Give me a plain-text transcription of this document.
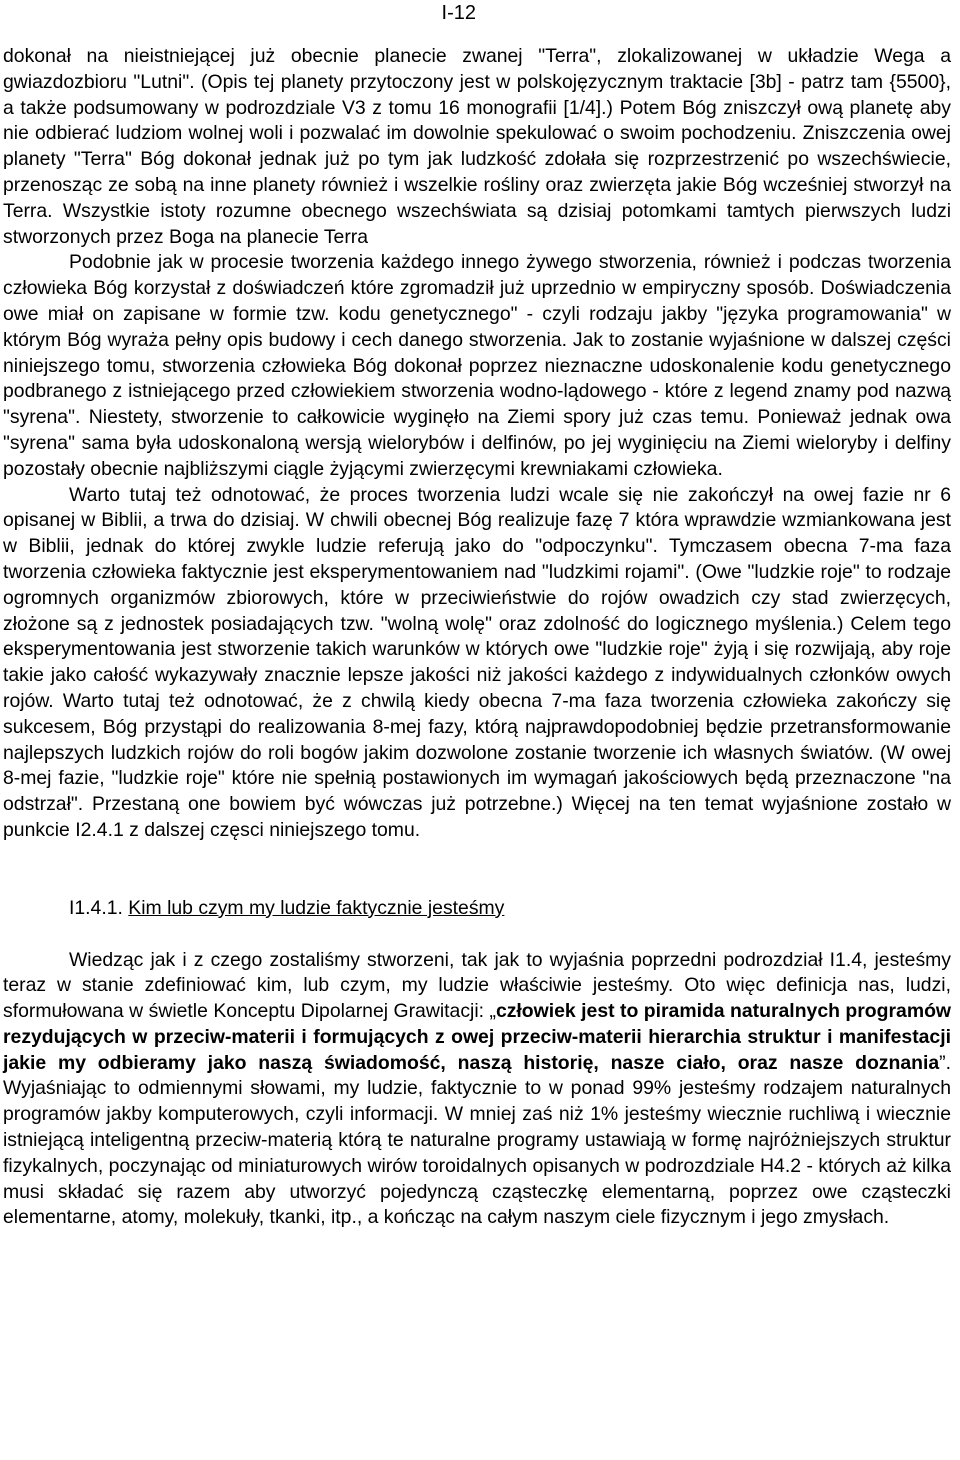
I-12

dokonał na nieistniejącej już obecnie planecie zwanej "Terra", zlokalizowanej w układzie Wega a gwiazdozbioru "Lutni". (Opis tej planety przytoczony jest w polskojęzycznym traktacie [3b] - patrz tam {5500}, a także podsumowany w podrozdziale V3 z tomu 16 monografii [1/4].) Potem Bóg zniszczył ową planetę aby nie odbierać ludziom wolnej woli i pozwalać im dowolnie spekulować o swoim pochodzeniu. Zniszczenia owej planety "Terra" Bóg dokonał jednak już po tym jak ludzkość zdołała się rozprzestrzenić po wszechświecie, przenosząc ze sobą na inne planety również i wszelkie rośliny oraz zwierzęta jakie Bóg wcześniej stworzył na Terra. Wszystkie istoty rozumne obecnego wszechświata są dzisiaj potomkami tamtych pierwszych ludzi stworzonych przez Boga na planecie Terra

Podobnie jak w procesie tworzenia każdego innego żywego stworzenia, również i podczas tworzenia człowieka Bóg korzystał z doświadczeń które zgromadził już uprzednio w empiryczny sposób. Doświadczenia owe miał on zapisane w formie tzw. kodu genetycznego" - czyli rodzaju jakby "języka programowania" w którym Bóg wyraża pełny opis budowy i cech danego stworzenia. Jak to zostanie wyjaśnione w dalszej części niniejszego tomu, stworzenia człowieka Bóg dokonał poprzez nieznaczne udoskonalenie kodu genetycznego podbranego z istniejącego przed człowiekiem stworzenia wodno-lądowego - które z legend znamy pod nazwą "syrena". Niestety, stworzenie to całkowicie wyginęło na Ziemi spory już czas temu. Ponieważ jednak owa "syrena" sama była udoskonaloną wersją wielorybów i delfinów, po jej wyginięciu na Ziemi wieloryby i delfiny pozostały obecnie najbliższymi ciągle żyjącymi zwierzęcymi krewniakami człowieka.

Warto tutaj też odnotować, że proces tworzenia ludzi wcale się nie zakończył na owej fazie nr 6 opisanej w Biblii, a trwa do dzisiaj. W chwili obecnej Bóg realizuje fazę 7 która wprawdzie wzmiankowana jest w Biblii, jednak do której zwykle ludzie referują jako do "odpoczynku". Tymczasem obecna 7-ma faza tworzenia człowieka faktycznie jest eksperymentowaniem nad "ludzkimi rojami". (Owe "ludzkie roje" to rodzaje ogromnych organizmów zbiorowych, które w przeciwieństwie do rojów owadzich czy stad zwierzęcych, złożone są z jednostek posiadających tzw. "wolną wolę" oraz zdolność do logicznego myślenia.) Celem tego eksperymentowania jest stworzenie takich warunków w których owe "ludzkie roje" żyją i się rozwijają, aby roje takie jako całość wykazywały znacznie lepsze jakości niż jakości każdego z indywidualnych członków owych rojów. Warto tutaj też odnotować, że z chwilą kiedy obecna 7-ma faza tworzenia człowieka zakończy się sukcesem, Bóg przystąpi do realizowania 8-mej fazy, którą najprawdopodobniej będzie przetransformowanie najlepszych ludzkich rojów do roli bogów jakim dozwolone zostanie tworzenie ich własnych światów. (W owej 8-mej fazie, "ludzkie roje" które nie spełnią postawionych im wymagań jakościowych będą przeznaczone "na odstrzał". Przestaną one bowiem być wówczas już potrzebne.) Więcej na ten temat wyjaśnione zostało w punkcie I2.4.1 z dalszej częsci niniejszego tomu.

I1.4.1. Kim lub czym my ludzie faktycznie jesteśmy

Wiedząc jak i z czego zostaliśmy stworzeni, tak jak to wyjaśnia poprzedni podrozdział I1.4, jesteśmy teraz w stanie zdefiniować kim, lub czym, my ludzie właściwie jesteśmy. Oto więc definicja nas, ludzi, sformułowana w świetle Konceptu Dipolarnej Grawitacji: „człowiek jest to piramida naturalnych programów rezydujących w przeciw-materii i formujących z owej przeciw-materii hierarchia struktur i manifestacji jakie my odbieramy jako naszą świadomość, naszą historię, nasze ciało, oraz nasze doznania”. Wyjaśniając to odmiennymi słowami, my ludzie, faktycznie to w ponad 99% jesteśmy rodzajem naturalnych programów jakby komputerowych, czyli informacji. W mniej zaś niż 1% jesteśmy wiecznie ruchliwą i wiecznie istniejącą inteligentną przeciw-materią którą te naturalne programy ustawiają w formę najróżniejszych struktur fizykalnych, poczynając od miniaturowych wirów toroidalnych opisanych w podrozdziale H4.2 - których aż kilka musi składać się razem aby utworzyć pojedynczą cząsteczkę elementarną, poprzez owe cząsteczki elementarne, atomy, molekuły, tkanki, itp., a kończąc na całym naszym ciele fizycznym i jego zmysłach.
